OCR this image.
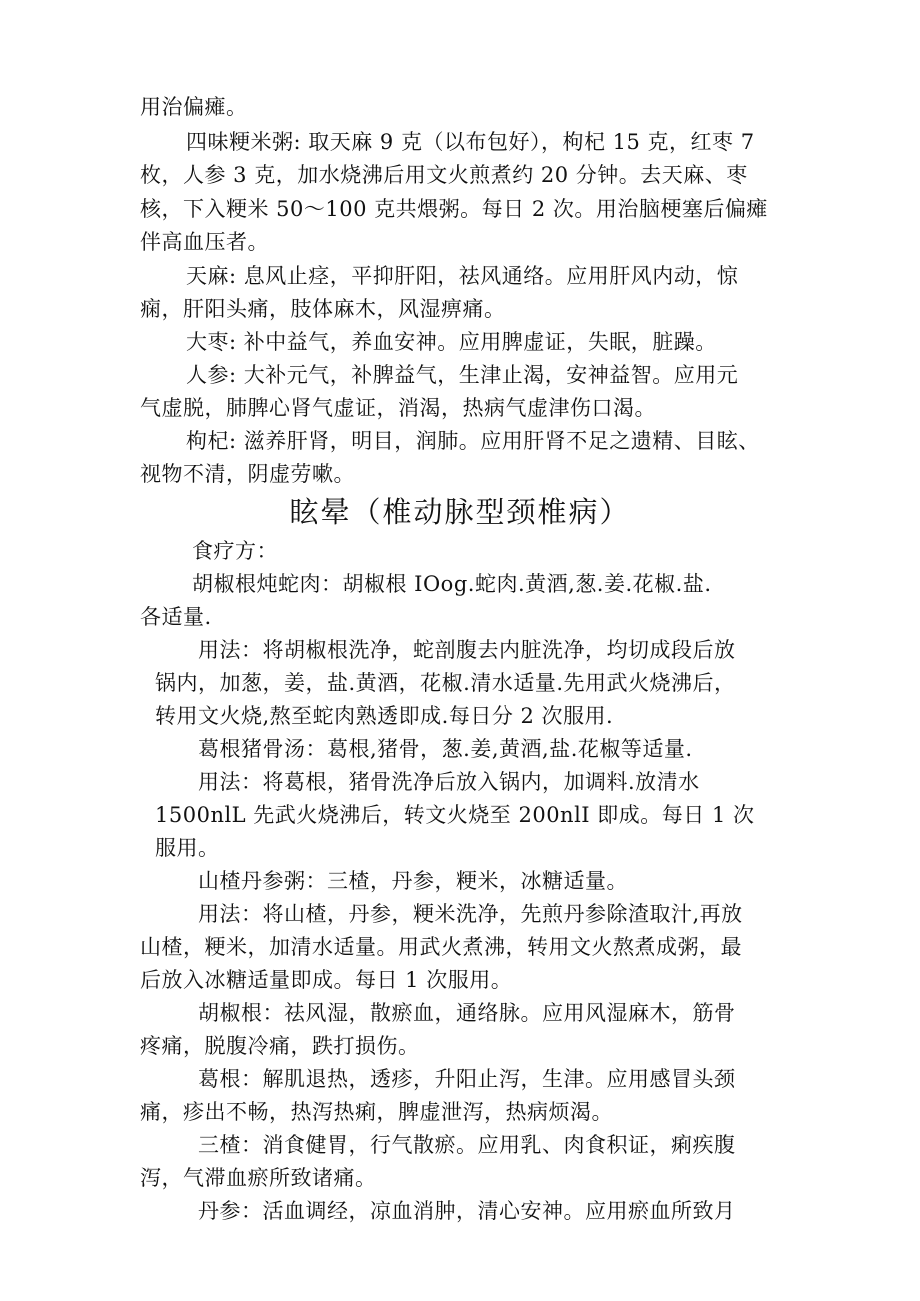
用治偏瘫。
四味粳米粥: 取天麻 9 克（以布包好），枸杞 15 克，红枣 7
枚，人参 3 克，加水烧沸后用文火煎煮约 20 分钟。去天麻、枣
核，下入粳米 50～100 克共煨粥。每日 2 次。用治脑梗塞后偏瘫
伴高血压者。
天麻: 息风止痉，平抑肝阳，祛风通络。应用肝风内动，惊
痫，肝阳头痛，肢体麻木，风湿痹痛。
大枣: 补中益气，养血安神。应用脾虚证，失眠，脏躁。
人参: 大补元气，补脾益气，生津止渴，安神益智。应用元
气虚脱，肺脾心肾气虚证，消渴，热病气虚津伤口渴。
枸杞: 滋养肝肾，明目，润肺。应用肝肾不足之遗精、目眩、
视物不清，阴虚劳嗽。
眩晕（椎动脉型颈椎病）
食疗方：
胡椒根炖蛇肉：胡椒根 IOog.蛇肉.黄酒,葱.姜.花椒.盐.
各适量.
用法：将胡椒根洗净，蛇剖腹去内脏洗净，均切成段后放
锅内，加葱，姜，盐.黄酒，花椒.清水适量.先用武火烧沸后，
转用文火烧,熬至蛇肉熟透即成.每日分 2 次服用.
葛根猪骨汤：葛根,猪骨，葱.姜,黄酒,盐.花椒等适量.
用法：将葛根，猪骨洗净后放入锅内，加调料.放清水
1500nlL 先武火烧沸后，转文火烧至 200nlI 即成。每日 1 次
服用。
山楂丹参粥：三楂，丹参，粳米，冰糖适量。
用法：将山楂，丹参，粳米洗净，先煎丹参除渣取汁,再放
山楂，粳米，加清水适量。用武火煮沸，转用文火熬煮成粥，最
后放入冰糖适量即成。每日 1 次服用。
胡椒根：祛风湿，散瘀血，通络脉。应用风湿麻木，筋骨
疼痛，脱腹冷痛，跌打损伤。
葛根：解肌退热，透疹，升阳止泻，生津。应用感冒头颈
痛，疹出不畅，热泻热痢，脾虚泄泻，热病烦渴。
三楂：消食健胃，行气散瘀。应用乳、肉食积证，痢疾腹
泻，气滞血瘀所致诸痛。
丹参：活血调经，凉血消肿，清心安神。应用瘀血所致月
